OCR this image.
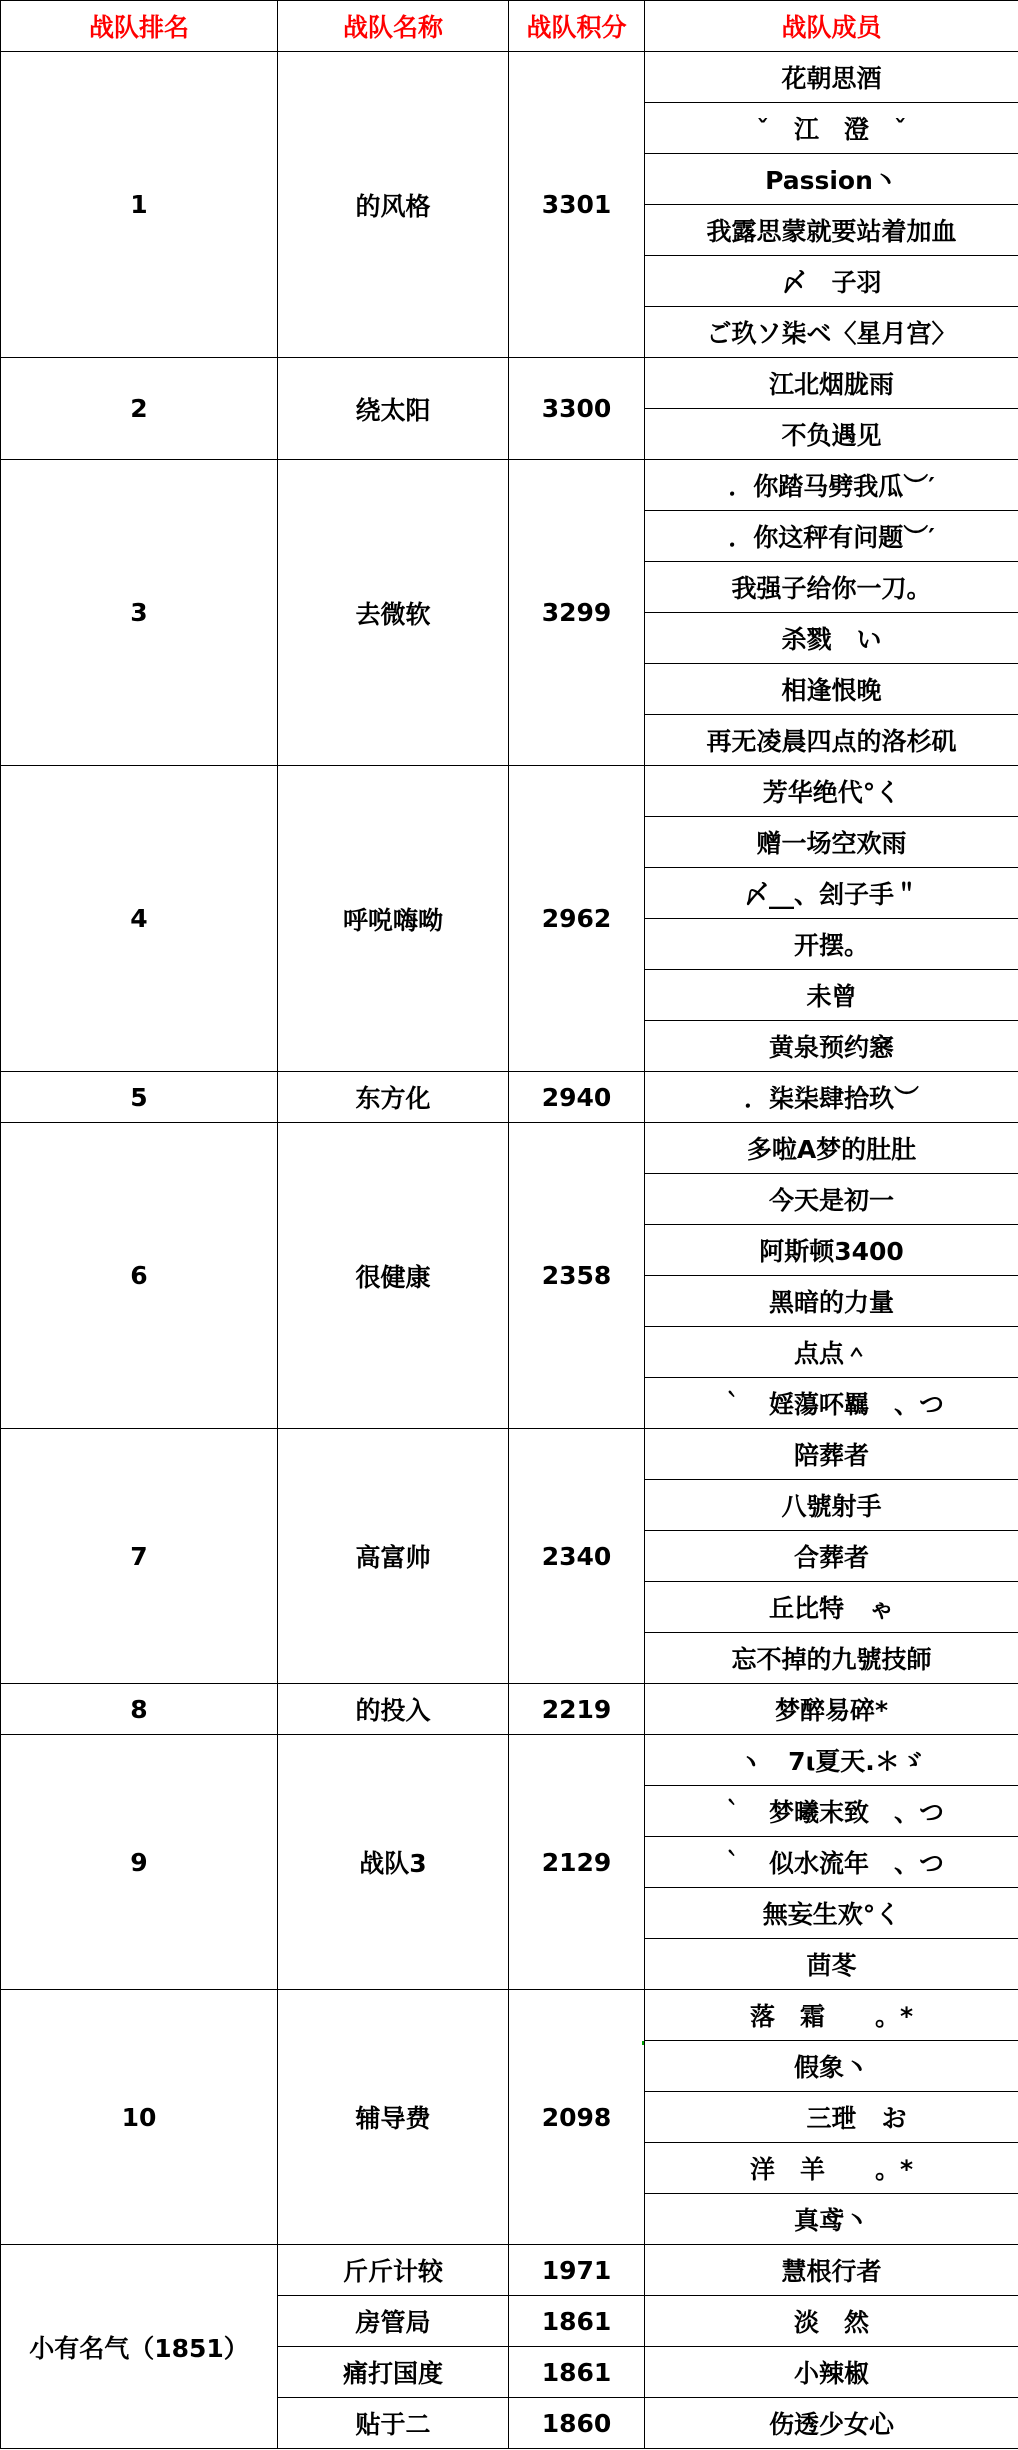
战队排名	战队名称	战队积分	战队成员
1	的风格	3301	花朝思酒
			ˇ　江　澄　ˇ
			Passion丶
			我露思蒙就要站着加血
			〆　子羽
			ご玖ソ柒ベ〈星月宫〉
2	绕太阳	3300	江北烟胧雨
			不负遇见
3	去微软	3299	．你踏马劈我瓜︶′
			．你这秤有问题︶′
			我强子给你一刀。
			杀戮　い
			相逢恨晚
			再无凌晨四点的洛杉矶
4	呼哾嗨呦	2962	芳华绝代°く
			赠一场空欢雨
			〆__、刽子手＂
			开摆。
			未曾
			黄泉预约窸
5	东方化	2940	．柒柒肆拾玖︶
6	很健康	2358	多啦A梦的肚肚
			今天是初一
			阿斯顿3400
			黑暗的力量
			点点＾
			｀　婬蕩吥羈　、つ
7	高富帅	2340	陪葬者
			八號射手
			合葬者
			丘比特　ゃ
			忘不掉的九號技師
8	的投入	2219	梦醉易碎*
9	战队3	2129	ヽ　7ι夏天.＊ゞ
			｀　梦曦末致　、つ
			｀　似水流年　、つ
			無妄生欢°く
			茴苳
10	辅导费	2098	落　霜　　。*
			假象丶
			　　三玴　お
			洋　羊　　。*
			真鸢丶
小有名气（1851）	斤斤计较	1971	慧根行者
	房管局	1861	淡　然
	痛打国度	1861	小辣椒
	贴于二	1860	伤透少女心
